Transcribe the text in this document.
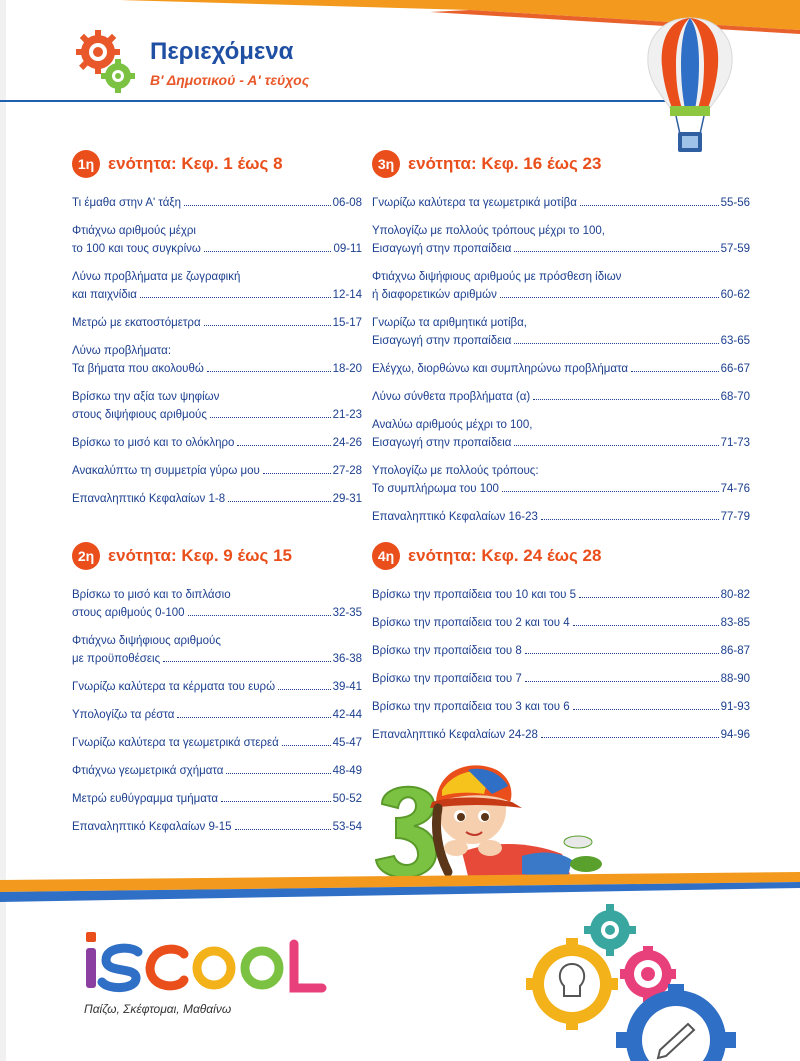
Περιεχόμενα
Β' Δημοτικού - Α' τεύχος
1η ενότητα: Κεφ. 1 έως 8
Τι έμαθα στην Α' τάξη	06-08
Φτιάχνω αριθμούς μέχρι
το 100 και τους συγκρίνω	09-11
Λύνω προβλήματα με ζωγραφική
και παιχνίδια	12-14
Μετρώ με εκατοστόμετρα	15-17
Λύνω προβλήματα:
Τα βήματα που ακολουθώ	18-20
Βρίσκω την αξία των ψηφίων
στους διψήφιους αριθμούς	21-23
Βρίσκω το μισό και το ολόκληρο	24-26
Ανακαλύπτω τη συμμετρία γύρω μου	27-28
Επαναληπτικό Κεφαλαίων 1-8	29-31
2η ενότητα: Κεφ. 9 έως 15
Βρίσκω το μισό και το διπλάσιο
στους αριθμούς 0-100	32-35
Φτιάχνω διψήφιους αριθμούς
με προϋποθέσεις	36-38
Γνωρίζω καλύτερα τα κέρματα του ευρώ	39-41
Υπολογίζω τα ρέστα	42-44
Γνωρίζω καλύτερα τα γεωμετρικά στερεά	45-47
Φτιάχνω γεωμετρικά σχήματα	48-49
Μετρώ ευθύγραμμα τμήματα	50-52
Επαναληπτικό Κεφαλαίων 9-15	53-54
3η ενότητα: Κεφ. 16 έως 23
Γνωρίζω καλύτερα τα γεωμετρικά μοτίβα	55-56
Υπολογίζω με πολλούς τρόπους μέχρι το 100,
Εισαγωγή στην προπαίδεια	57-59
Φτιάχνω διψήφιους αριθμούς με πρόσθεση ίδιων
ή διαφορετικών αριθμών	60-62
Γνωρίζω τα αριθμητικά μοτίβα,
Εισαγωγή στην προπαίδεια	63-65
Ελέγχω, διορθώνω και συμπληρώνω προβλήματα	66-67
Λύνω σύνθετα προβλήματα (α)	68-70
Αναλύω αριθμούς μέχρι το 100,
Εισαγωγή στην προπαίδεια	71-73
Υπολογίζω με πολλούς τρόπους:
Το συμπλήρωμα του 100	74-76
Επαναληπτικό Κεφαλαίων 16-23	77-79
4η ενότητα: Κεφ. 24 έως 28
Βρίσκω την προπαίδεια του 10 και του 5	80-82
Βρίσκω την προπαίδεια του 2 και του 4	83-85
Βρίσκω την προπαίδεια του 8	86-87
Βρίσκω την προπαίδεια του 7	88-90
Βρίσκω την προπαίδεια του 3 και του 6	91-93
Επαναληπτικό Κεφαλαίων 24-28	94-96
Παίζω, Σκέφτομαι, Μαθαίνω
